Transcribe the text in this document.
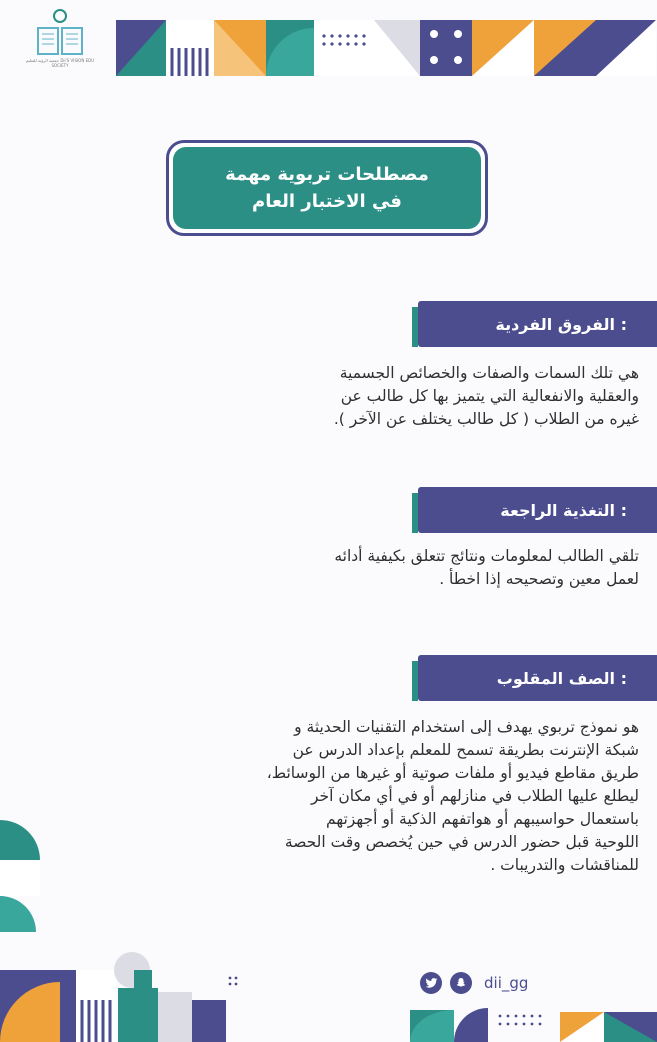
جمعية الرؤية للتعليم Dii'S VISION EDU SOCIETY
مصطلحات تربوية مهمة
في الاختبار العام
الفروق الفردية :

هي تلك السمات والصفات والخصائص الجسمية

والعقلية والانفعالية التي يتميز بها كل طالب عن

غيره من الطلاب ( كل طالب يختلف عن الآخر ).

التغذية الراجعة :

تلقي الطالب لمعلومات ونتائج تتعلق بكيفية أدائه

لعمل معين وتصحيحه إذا اخطأ .

الصف المقلوب :

هو نموذج تربوي يهدف إلى استخدام التقنيات الحديثة و

شبكة الإنترنت بطريقة تسمح للمعلم بإعداد الدرس عن

طريق مقاطع فيديو أو ملفات صوتية أو غيرها من الوسائط،

ليطلع عليها الطلاب في منازلهم أو في أي مكان آخر

باستعمال حواسيبهم أو هواتفهم الذكية أو أجهزتهم

اللوحية قبل حضور الدرس في حين يُخصص وقت الحصة

للمناقشات والتدريبات .

dii_gg
